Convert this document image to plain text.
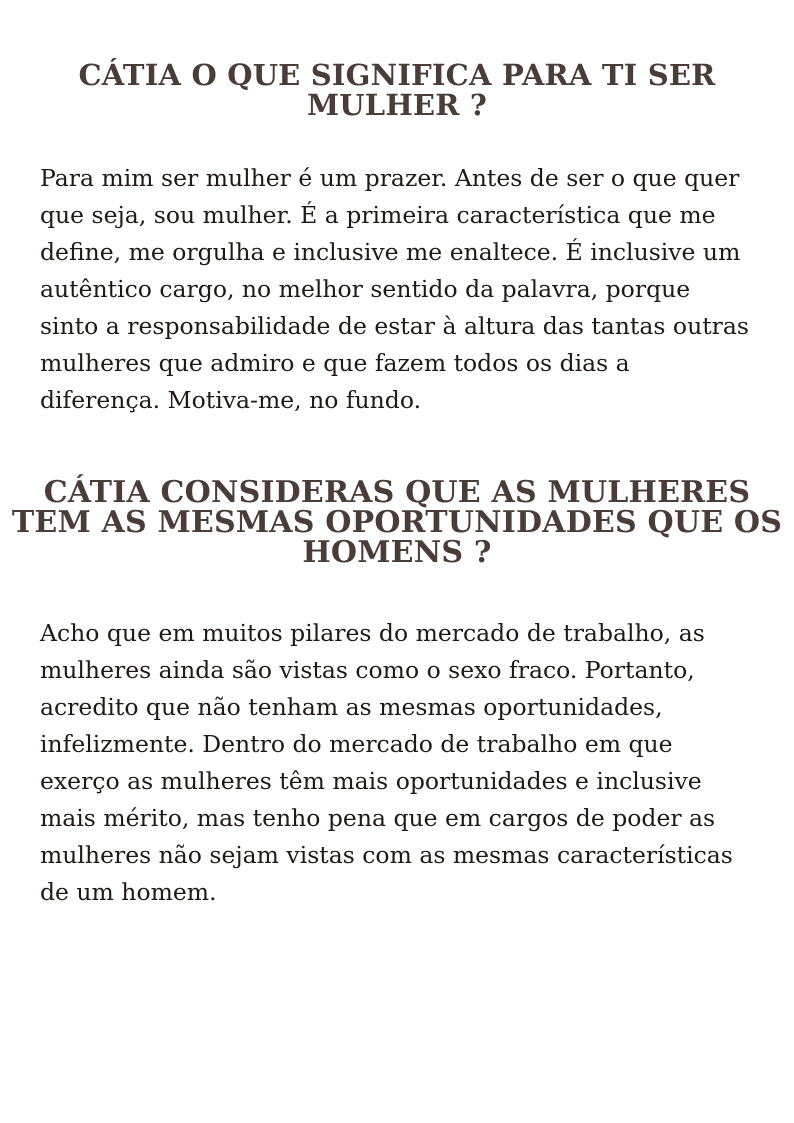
CÁTIA O QUE SIGNIFICA PARA TI SER MULHER ?

Para mim ser mulher é um prazer. Antes de ser o que quer que seja, sou mulher. É a primeira característica que me define, me orgulha e inclusive me enaltece. É inclusive um autêntico cargo, no melhor sentido da palavra, porque sinto a responsabilidade de estar à altura das tantas outras mulheres que admiro e que fazem todos os dias a diferença. Motiva-me, no fundo.

CÁTIA CONSIDERAS QUE AS MULHERES TEM AS MESMAS OPORTUNIDADES QUE OS HOMENS ?

Acho que em muitos pilares do mercado de trabalho, as mulheres ainda são vistas como o sexo fraco. Portanto, acredito que não tenham as mesmas oportunidades, infelizmente. Dentro do mercado de trabalho em que exerço as mulheres têm mais oportunidades e inclusive mais mérito, mas tenho pena que em cargos de poder as mulheres não sejam vistas com as mesmas características de um homem.
